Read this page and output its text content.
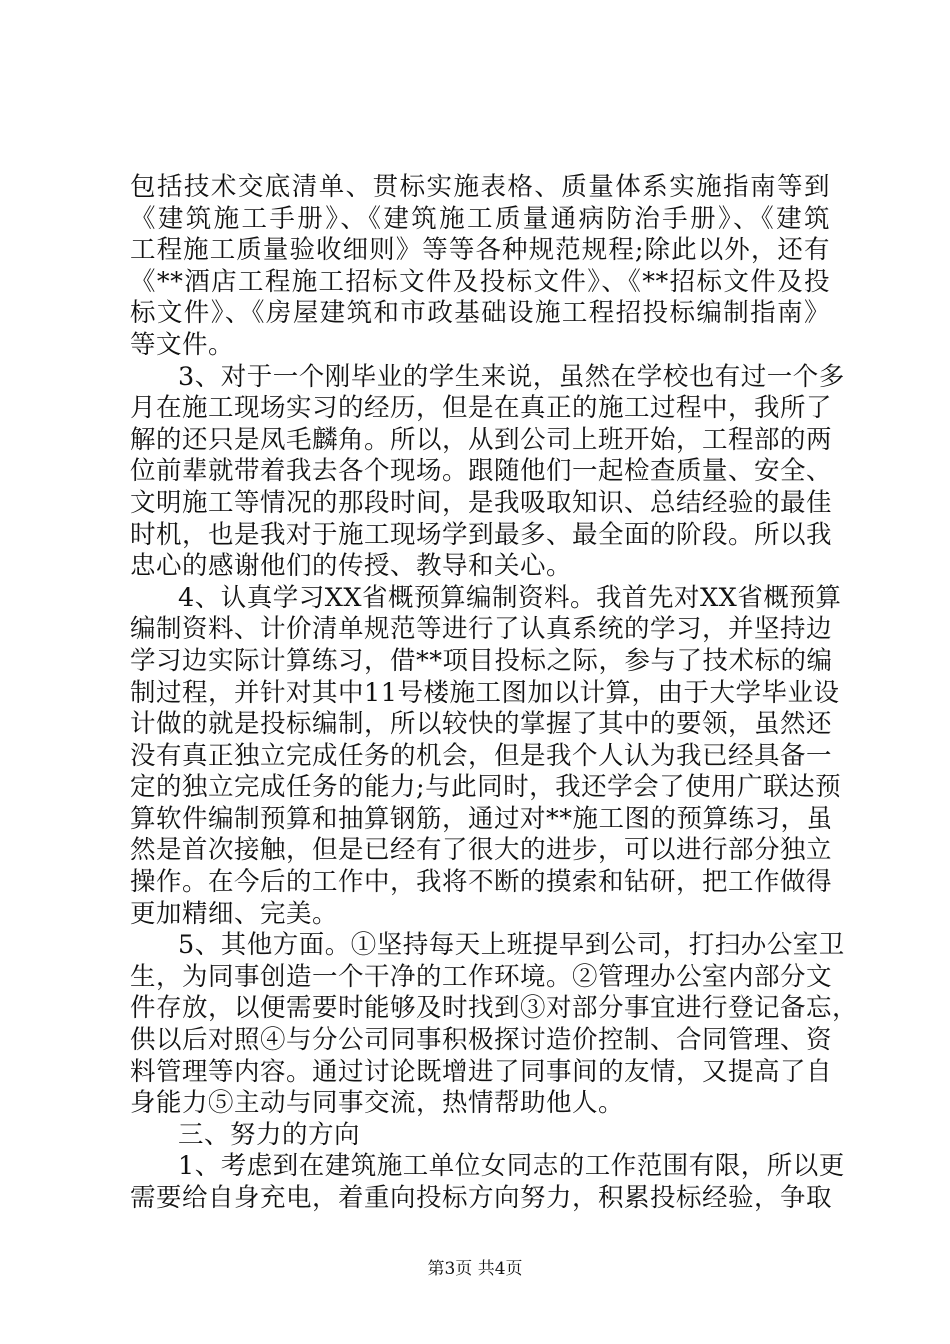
包括技术交底清单、贯标实施表格、质量体系实施指南等到
《建筑施工手册》、《建筑施工质量通病防治手册》、《建筑
工程施工质量验收细则》等等各种规范规程;除此以外，还有
《**酒店工程施工招标文件及投标文件》、《**招标文件及投
标文件》、《房屋建筑和市政基础设施工程招投标编制指南》
等文件。
3、对于一个刚毕业的学生来说，虽然在学校也有过一个多
月在施工现场实习的经历，但是在真正的施工过程中，我所了
解的还只是凤毛麟角。所以，从到公司上班开始，工程部的两
位前辈就带着我去各个现场。跟随他们一起检查质量、安全、
文明施工等情况的那段时间，是我吸取知识、总结经验的最佳
时机，也是我对于施工现场学到最多、最全面的阶段。所以我
忠心的感谢他们的传授、教导和关心。
4、认真学习XX省概预算编制资料。我首先对XX省概预算
编制资料、计价清单规范等进行了认真系统的学习，并坚持边
学习边实际计算练习，借**项目投标之际，参与了技术标的编
制过程，并针对其中11号楼施工图加以计算，由于大学毕业设
计做的就是投标编制，所以较快的掌握了其中的要领，虽然还
没有真正独立完成任务的机会，但是我个人认为我已经具备一
定的独立完成任务的能力;与此同时，我还学会了使用广联达预
算软件编制预算和抽算钢筋，通过对**施工图的预算练习，虽
然是首次接触，但是已经有了很大的进步，可以进行部分独立
操作。在今后的工作中，我将不断的摸索和钻研，把工作做得
更加精细、完美。
5、其他方面。①坚持每天上班提早到公司，打扫办公室卫
生，为同事创造一个干净的工作环境。②管理办公室内部分文
件存放，以便需要时能够及时找到③对部分事宜进行登记备忘，
供以后对照④与分公司同事积极探讨造价控制、合同管理、资
料管理等内容。通过讨论既增进了同事间的友情，又提高了自
身能力⑤主动与同事交流，热情帮助他人。
三、努力的方向
1、考虑到在建筑施工单位女同志的工作范围有限，所以更
需要给自身充电，着重向投标方向努力，积累投标经验，争取
第3页 共4页
